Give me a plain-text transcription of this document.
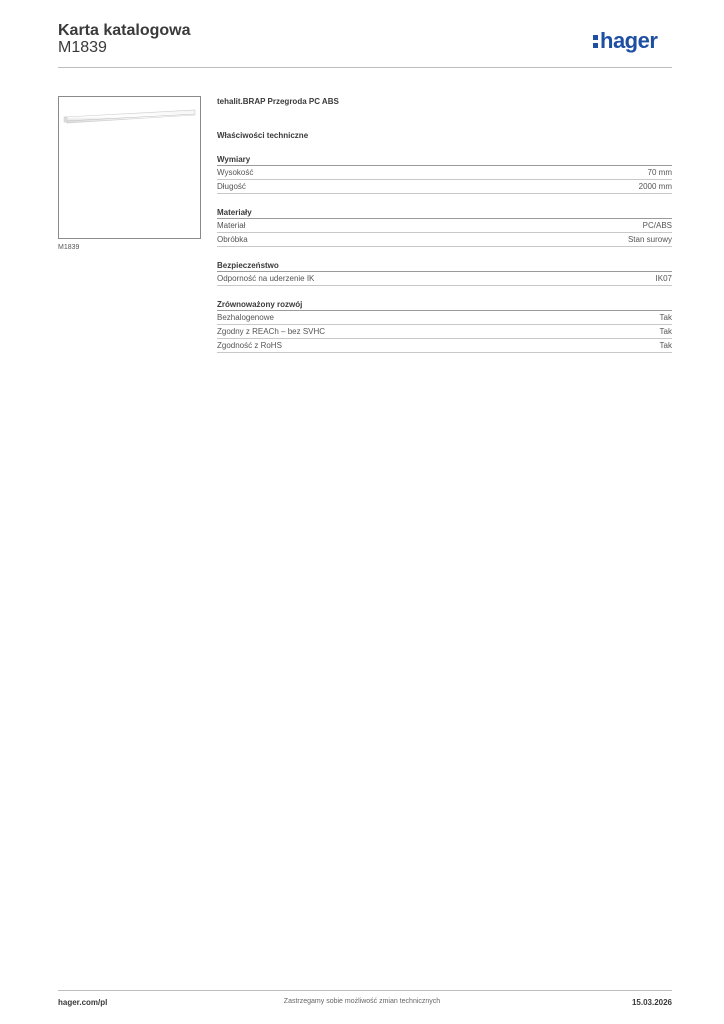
Karta katalogowa
M1839	hager
M1839
tehalit.BRAP Przegroda PC ABS
Właściwości techniczne
Wymiary
Wysokość	70 mm
Długość	2000 mm
Materiały
Materiał	PC/ABS
Obróbka	Stan surowy
Bezpieczeństwo
Odporność na uderzenie IK	IK07
Zrównoważony rozwój
Bezhalogenowe	Tak
Zgodny z REACh – bez SVHC	Tak
Zgodność z RoHS	Tak
hager.com/pl	Zastrzegamy sobie możliwość zmian technicznych	15.03.2026
